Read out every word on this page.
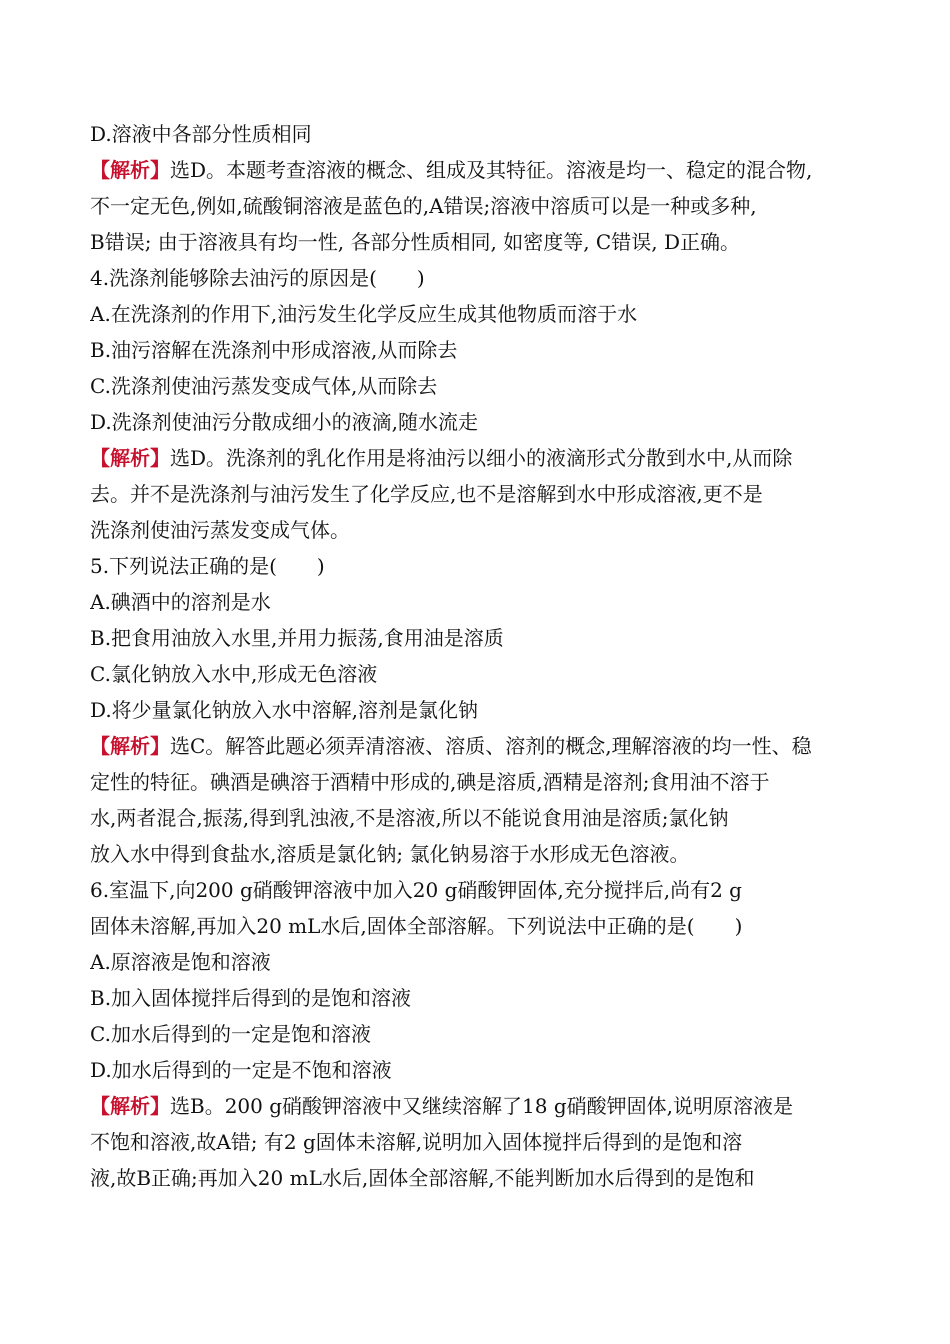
D.溶液中各部分性质相同
【解析】选D。本题考查溶液的概念、组成及其特征。溶液是均一、稳定的混合物,
不一定无色,例如,硫酸铜溶液是蓝色的,A错误;溶液中溶质可以是一种或多种,
B错误; 由于溶液具有均一性, 各部分性质相同, 如密度等, C错误, D正确。
4.洗涤剂能够除去油污的原因是(　　)
A.在洗涤剂的作用下,油污发生化学反应生成其他物质而溶于水
B.油污溶解在洗涤剂中形成溶液,从而除去
C.洗涤剂使油污蒸发变成气体,从而除去
D.洗涤剂使油污分散成细小的液滴,随水流走
【解析】选D。洗涤剂的乳化作用是将油污以细小的液滴形式分散到水中,从而除
去。并不是洗涤剂与油污发生了化学反应,也不是溶解到水中形成溶液,更不是
洗涤剂使油污蒸发变成气体。
5.下列说法正确的是(　　)
A.碘酒中的溶剂是水
B.把食用油放入水里,并用力振荡,食用油是溶质
C.氯化钠放入水中,形成无色溶液
D.将少量氯化钠放入水中溶解,溶剂是氯化钠
【解析】选C。解答此题必须弄清溶液、溶质、溶剂的概念,理解溶液的均一性、稳
定性的特征。碘酒是碘溶于酒精中形成的,碘是溶质,酒精是溶剂;食用油不溶于
水,两者混合,振荡,得到乳浊液,不是溶液,所以不能说食用油是溶质;氯化钠
放入水中得到食盐水,溶质是氯化钠; 氯化钠易溶于水形成无色溶液。
6.室温下,向200 g硝酸钾溶液中加入20 g硝酸钾固体,充分搅拌后,尚有2 g
固体未溶解,再加入20 mL水后,固体全部溶解。下列说法中正确的是(　　)
A.原溶液是饱和溶液
B.加入固体搅拌后得到的是饱和溶液
C.加水后得到的一定是饱和溶液
D.加水后得到的一定是不饱和溶液
【解析】选B。200 g硝酸钾溶液中又继续溶解了18 g硝酸钾固体,说明原溶液是
不饱和溶液,故A错; 有2 g固体未溶解,说明加入固体搅拌后得到的是饱和溶
液,故B正确;再加入20 mL水后,固体全部溶解,不能判断加水后得到的是饱和
